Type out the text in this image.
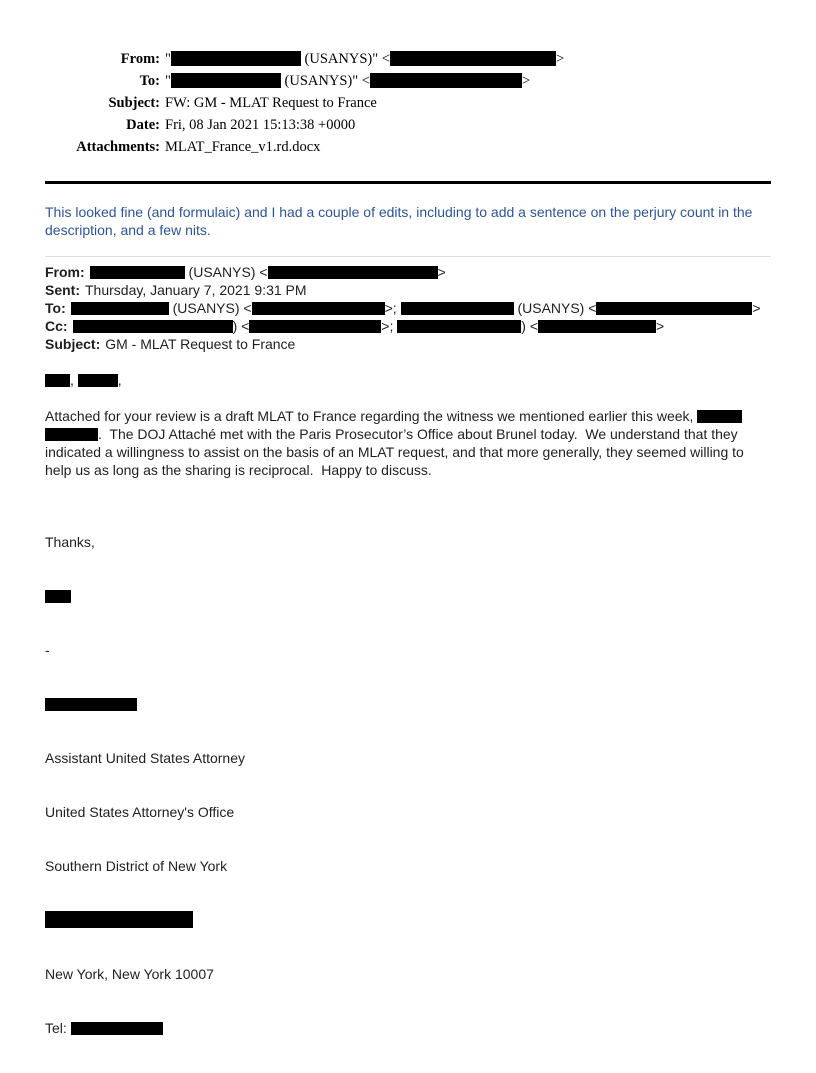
From: "	(USANYS)" <	>
To: "	(USANYS)" <	>
Subject: FW: GM - MLAT Request to France
Date: Fri, 08 Jan 2021 15:13:38 +0000
Attachments: MLAT_France_v1.rd.docx
This looked fine (and formulaic) and I had a couple of edits, including to add a sentence on the perjury count in the description, and a few nits.
From:	(USANYS) <	>
Sent: Thursday, January 7, 2021 9:31 PM
To:	(USANYS) <	>;	(USANYS) <	>
Cc:	) <	>;	) <	>
Subject: GM - MLAT Request to France
,	,
Attached for your review is a draft MLAT to France regarding the witness we mentioned earlier this week,  .  The DOJ Attaché met with the Paris Prosecutor’s Office about Brunel today.  We understand that they indicated a willingness to assist on the basis of an MLAT request, and that more generally, they seemed willing to help us as long as the sharing is reciprocal.  Happy to discuss.

Thanks,

-

Assistant United States Attorney

United States Attorney's Office

Southern District of New York

New York, New York 10007

Tel:
